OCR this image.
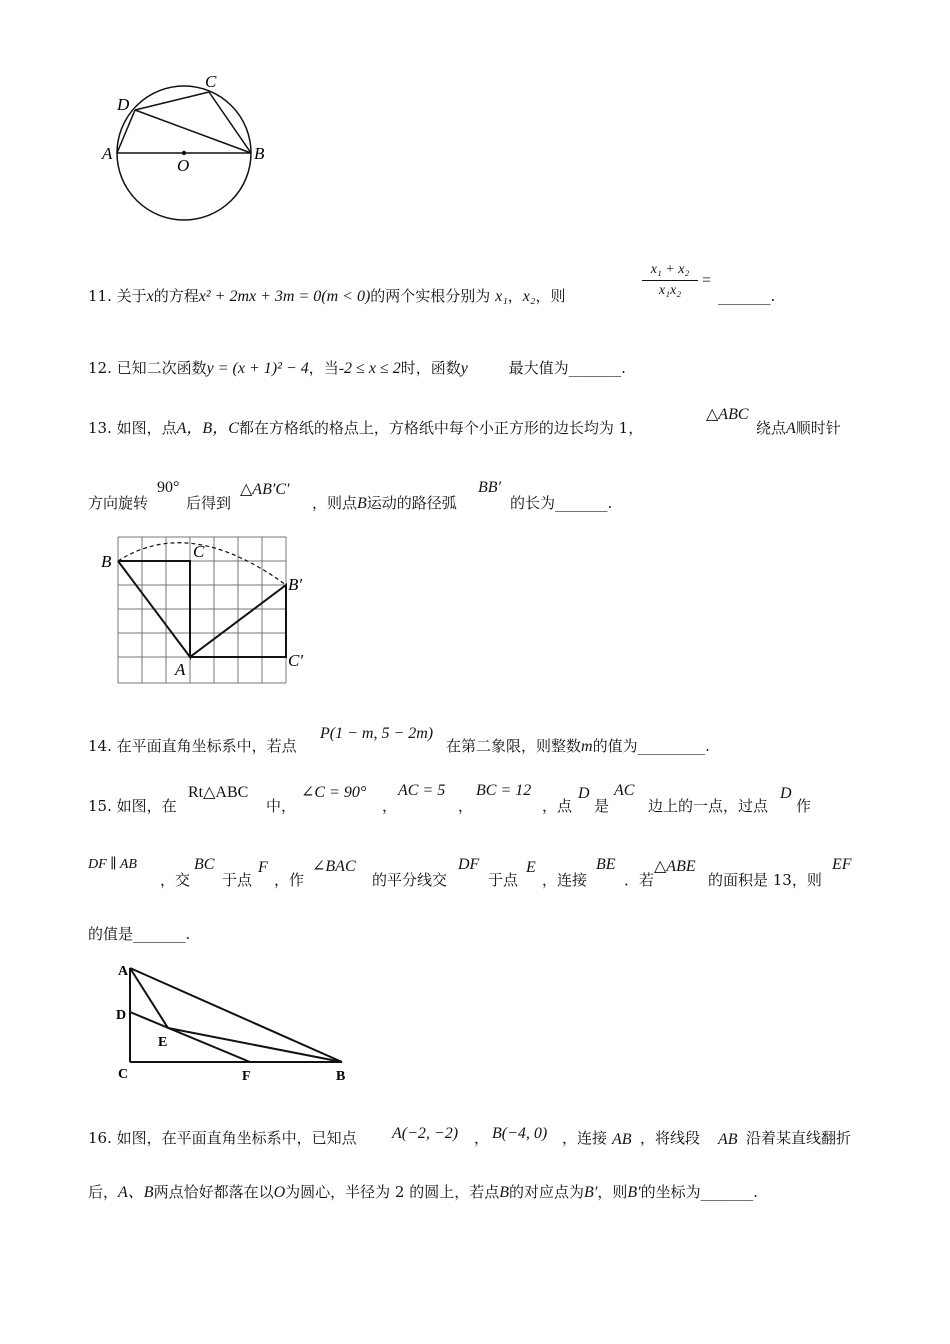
A	B
C
D
O
11. 关于x的方程x² + 2mx + 3m = 0(m < 0)的两个实根分别为 x₁，x₂，则	$\frac{\text{x₁ + x₂}}{\text{x₁x₂}}$ =
_______.
12. 已知二次函数y = (x + 1)² − 4，当-2 ≤ x ≤ 2时，函数y	最大值为_______.
13. 如图，点A，B，C都在方格纸的格点上，方格纸中每个小正方形的边长均为 1，
△ABC
绕点A顺时针
方向旋转
90°
后得到
△AB′C′
，则点B运动的路径弧
BB′
的长为_______.
B
C
A
B′
C′
14. 在平面直角坐标系中，若点
P(1 − m, 5 − 2m)
在第二象限，则整数m的值为_________.
15. 如图，在
Rt△ABC
中，
∠C = 90°
，
AC = 5
，
BC = 12
，点
D
是
AC
边上的一点，过点
D
作
DF ∥ AB
，交
BC
于点
F
，作
∠BAC
的平分线交
DF
于点
E
，连接
BE
．若
△ABE
的面积是 13，则
EF
的值是_______.
A
D
E
C	F	B
16. 如图，在平面直角坐标系中，已知点 A(−2, −2) ， B(−4, 0) ，连接 AB ，将线段 AB 沿着某直线翻折
后，A、B两点恰好都落在以O为圆心，半径为 2 的圆上，若点B的对应点为B′，则B′的坐标为_______.
